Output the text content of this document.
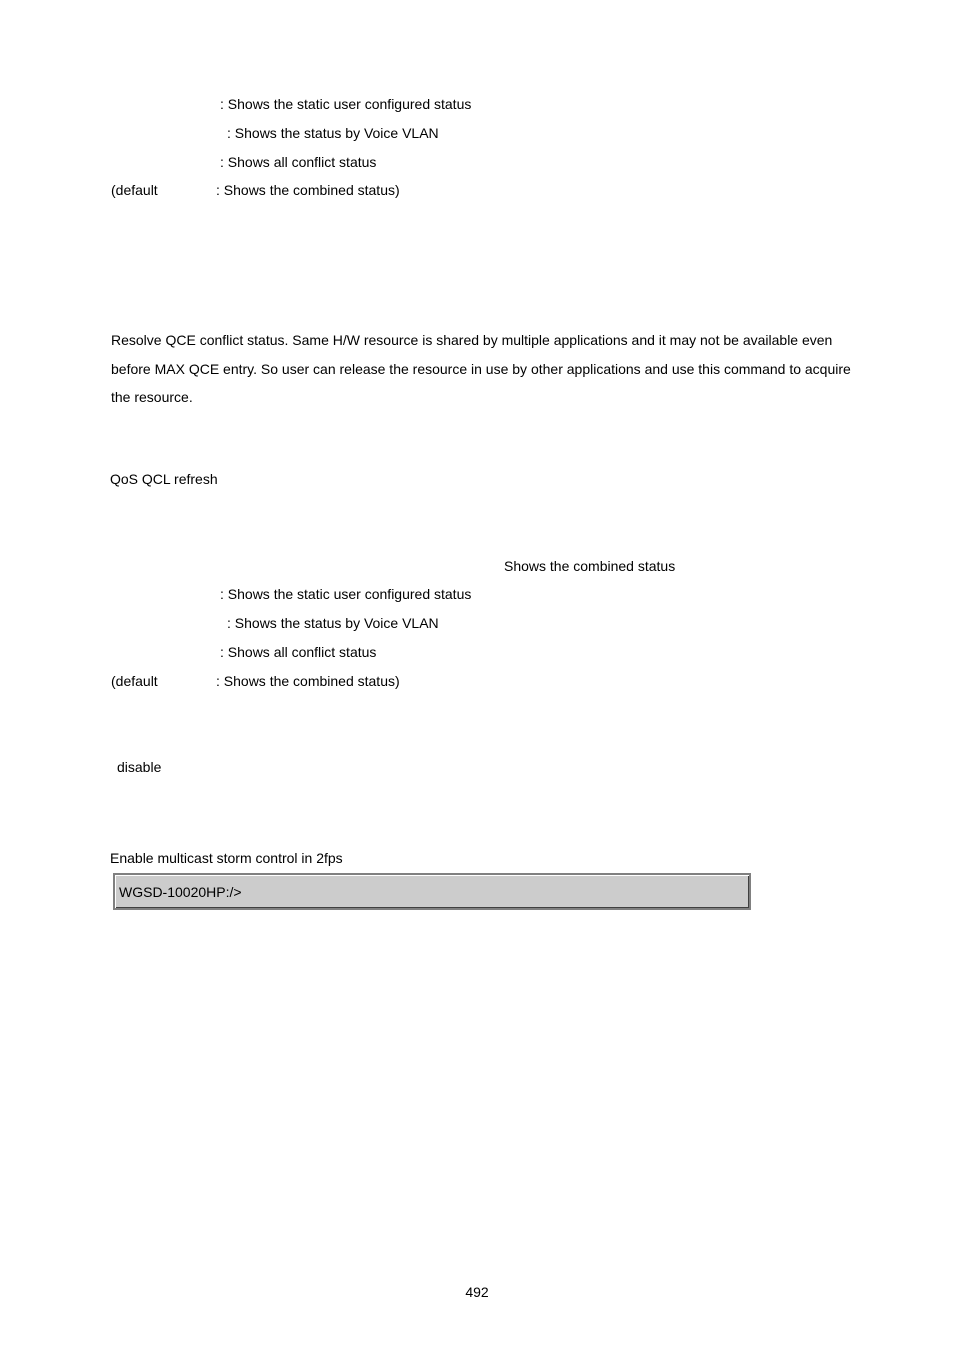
: Shows the static user configured status
: Shows the status by Voice VLAN
: Shows all conflict status
(default	: Shows the combined status)
Resolve QCE conflict status. Same H/W resource is shared by multiple applications and it may not be available even
before MAX QCE entry. So user can release the resource in use by other applications and use this command to acquire
the resource.
QoS QCL refresh
Shows the combined status
: Shows the static user configured status
: Shows the status by Voice VLAN
: Shows all conflict status
(default	: Shows the combined status)
disable
Enable multicast storm control in 2fps
WGSD-10020HP:/>
492
